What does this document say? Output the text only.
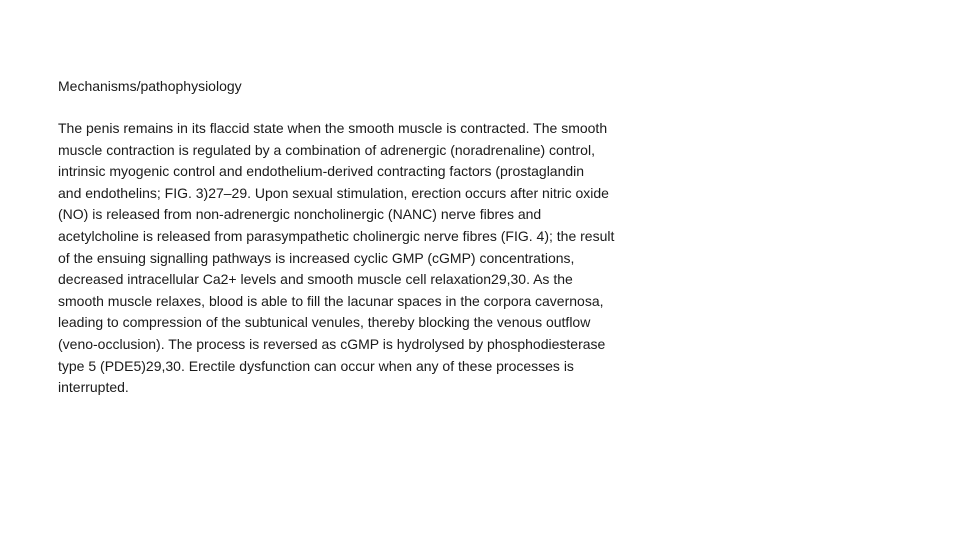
Mechanisms/pathophysiology

The penis remains in its flaccid state when the smooth muscle is contracted. The smooth
muscle contraction is regulated by a combination of adrenergic (noradrenaline) control,
intrinsic myogenic control and endothelium-derived contracting factors (prostaglandin
and endothelins; FIG. 3)27–29. Upon sexual stimulation, erection occurs after nitric oxide
(NO) is released from non-adrenergic noncholinergic (NANC) nerve fibres and
acetylcholine is released from parasympathetic cholinergic nerve fibres (FIG. 4); the result
of the ensuing signalling pathways is increased cyclic GMP (cGMP) concentrations,
decreased intracellular Ca2+ levels and smooth muscle cell relaxation29,30. As the
smooth muscle relaxes, blood is able to fill the lacunar spaces in the corpora cavernosa,
leading to compression of the subtunical venules, thereby blocking the venous outflow
(veno-occlusion). The process is reversed as cGMP is hydrolysed by phosphodiesterase
type 5 (PDE5)29,30. Erectile dysfunction can occur when any of these processes is
interrupted.
